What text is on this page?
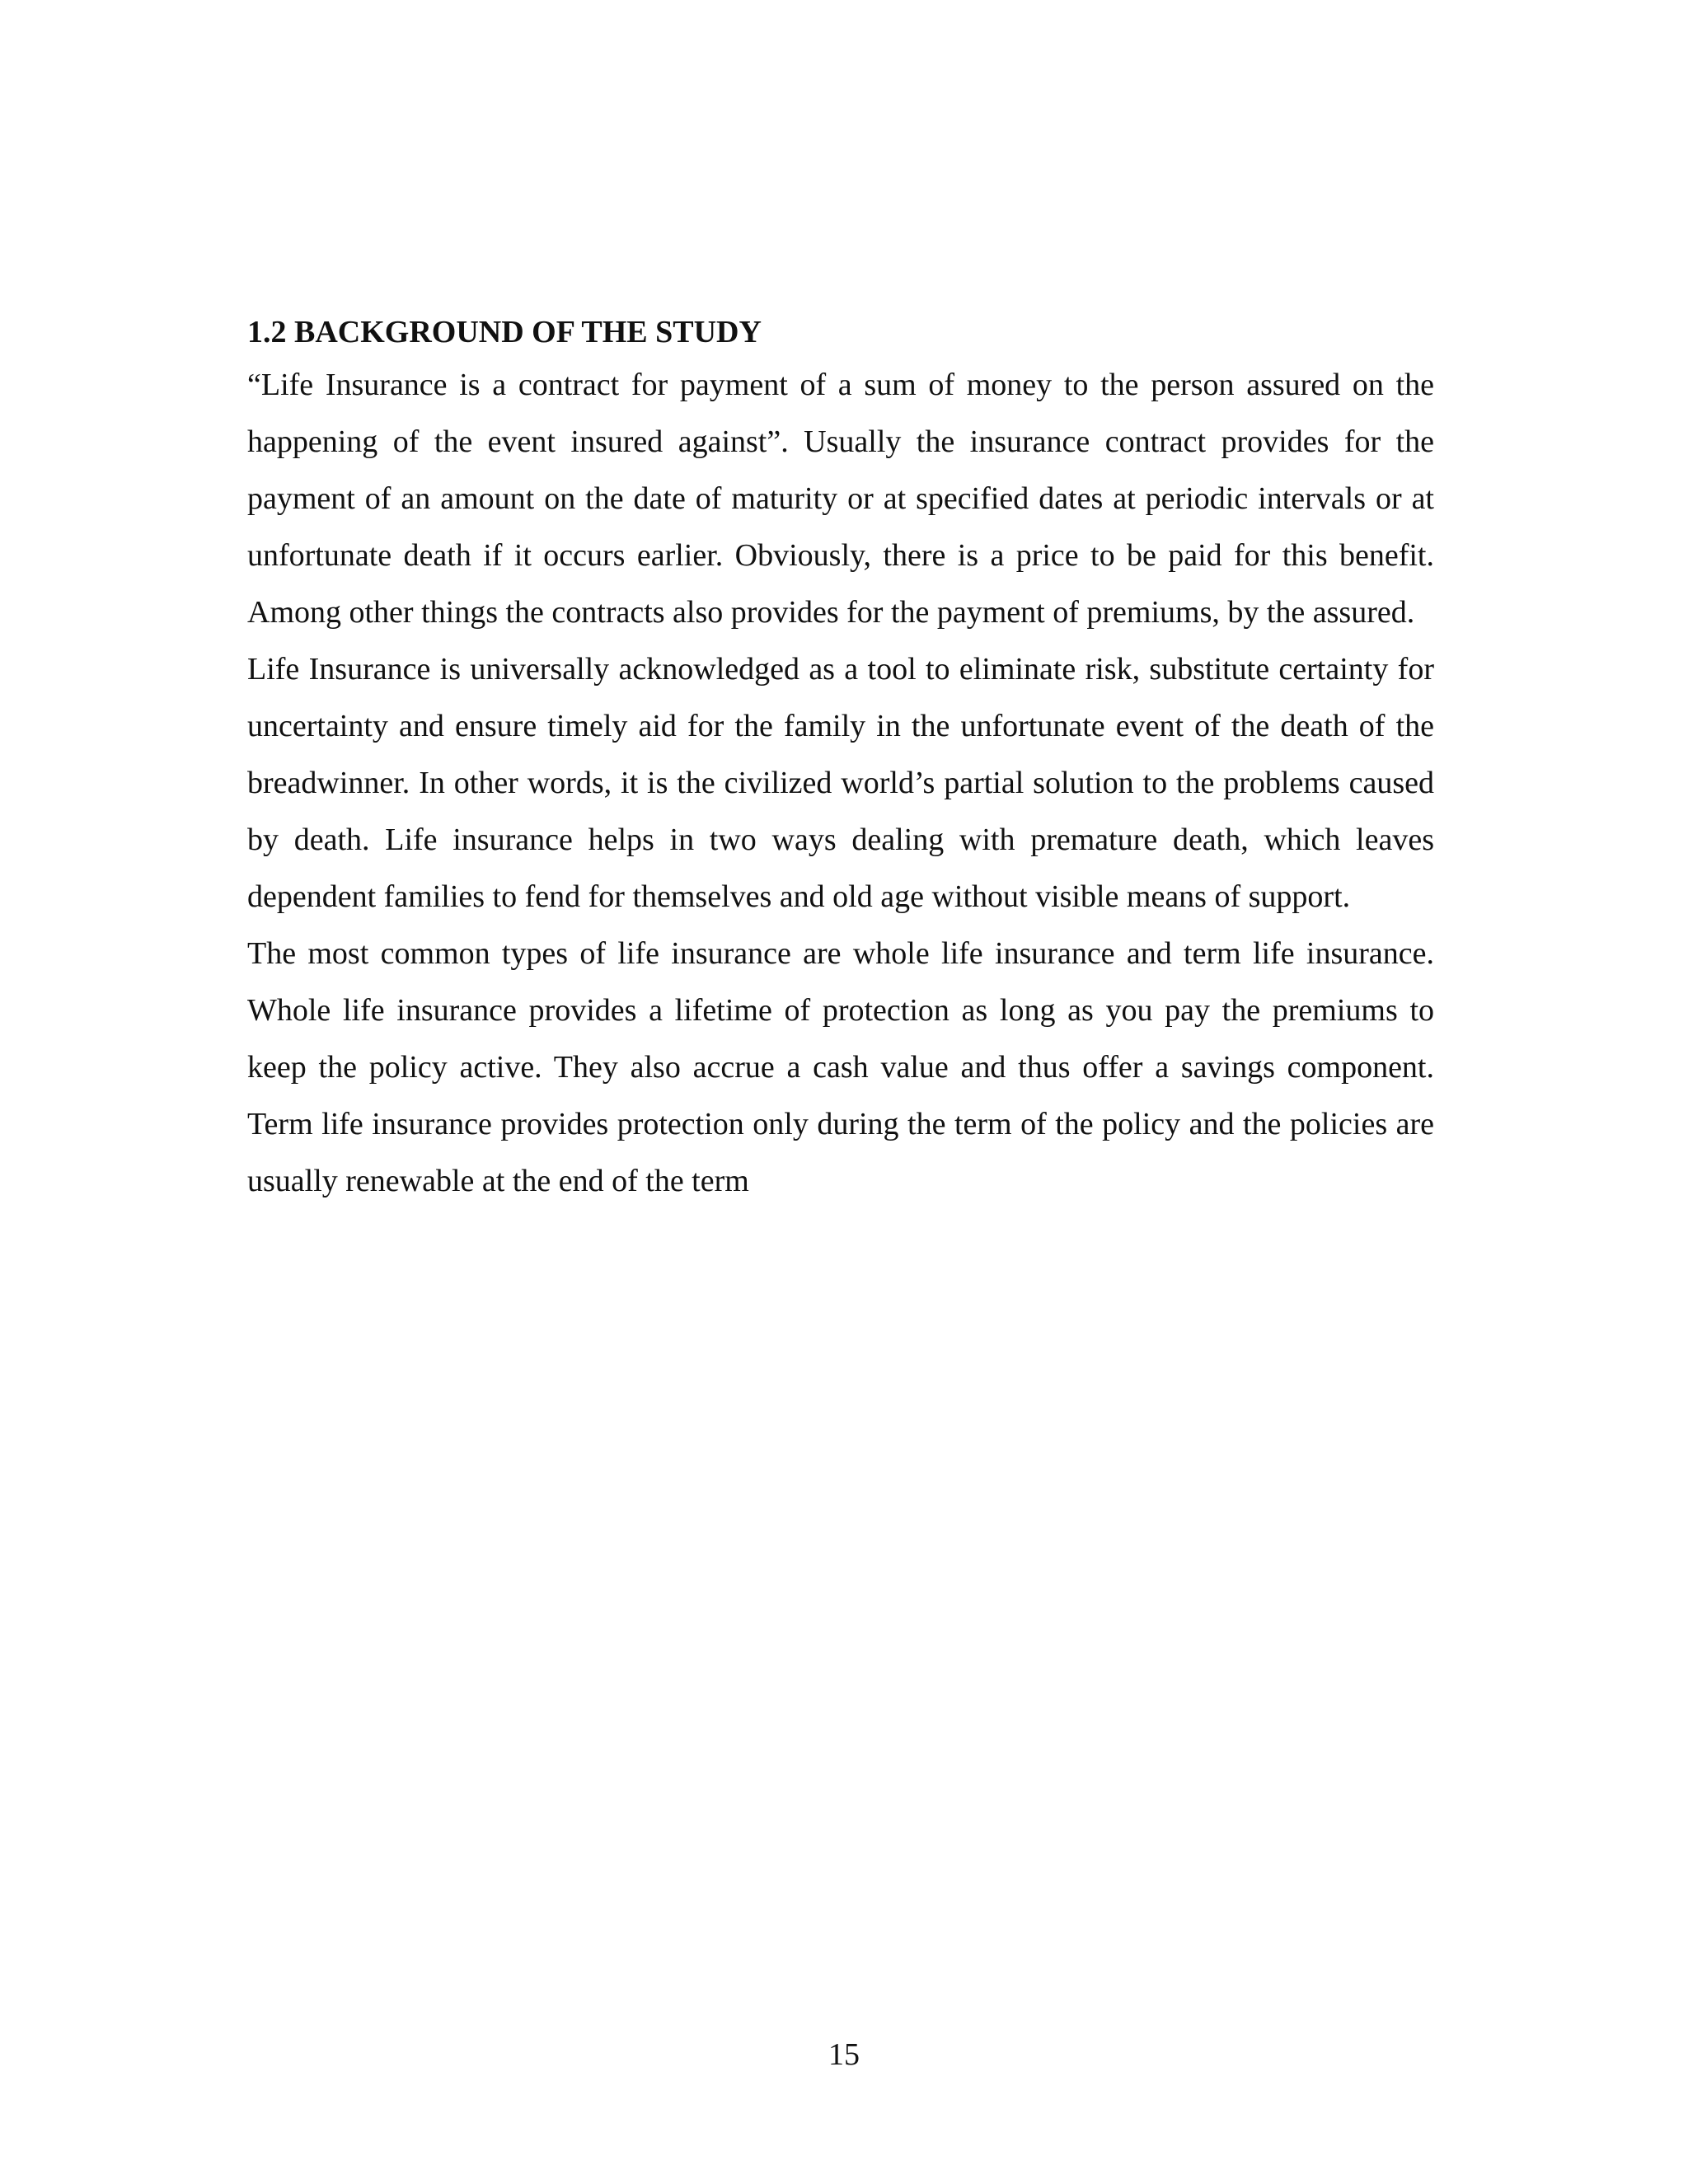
1.2 BACKGROUND OF THE STUDY

“Life Insurance is a contract for payment of a sum of money to the person assured on the happening of the event insured against”. Usually the insurance contract provides for the payment of an amount on the date of maturity or at specified dates at periodic intervals or at unfortunate death if it occurs earlier. Obviously, there is a price to be paid for this benefit. Among other things the contracts also provides for the payment of premiums, by the assured.

Life Insurance is universally acknowledged as a tool to eliminate risk, substitute certainty for uncertainty and ensure timely aid for the family in the unfortunate event of the death of the breadwinner. In other words, it is the civilized world’s partial solution to the problems caused by death. Life insurance helps in two ways dealing with premature death, which leaves dependent families to fend for themselves and old age without visible means of support.

The most common types of life insurance are whole life insurance and term life insurance. Whole life insurance provides a lifetime of protection as long as you pay the premiums to keep the policy active. They also accrue a cash value and thus offer a savings component. Term life insurance provides protection only during the term of the policy and the policies are usually renewable at the end of the term

15
